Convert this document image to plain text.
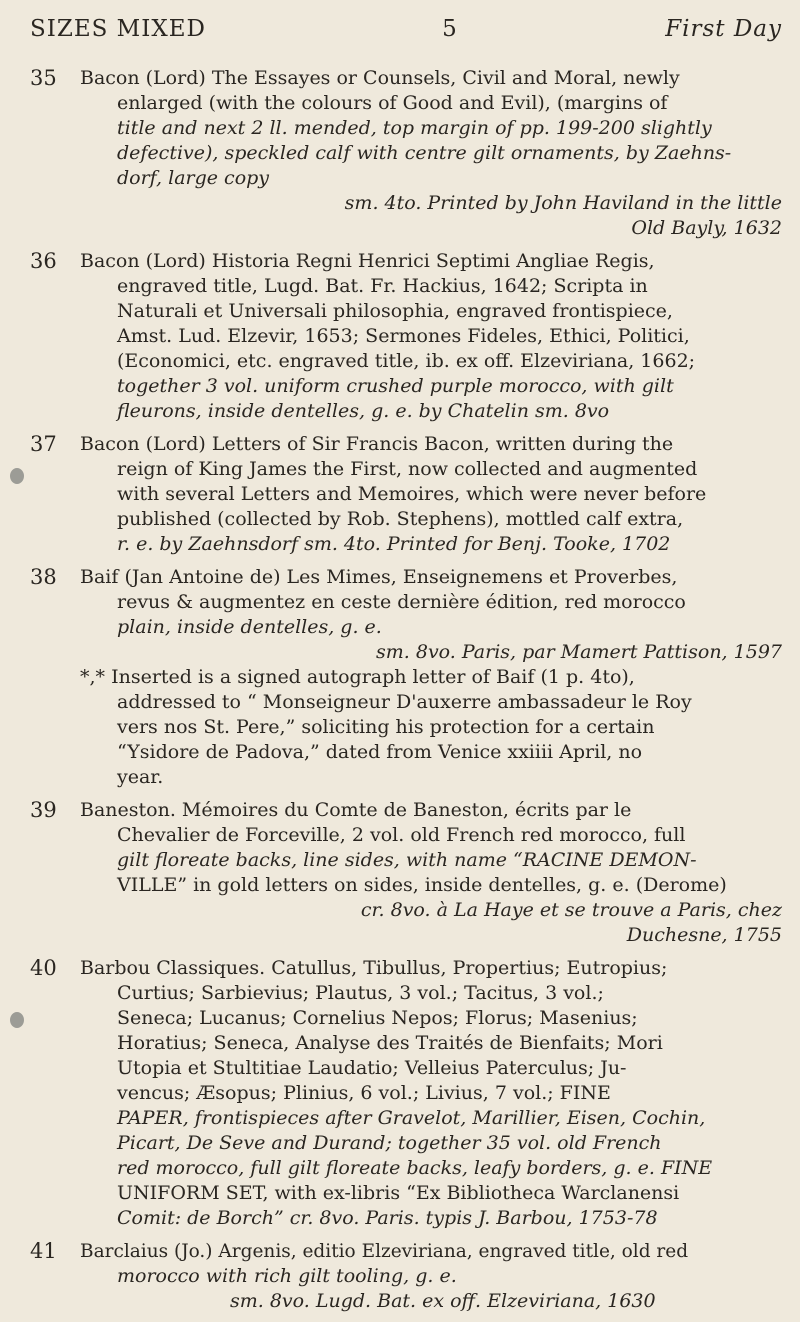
SIZES MIXED	5	First Day
35	Bacon (Lord) The Essayes or Counsels, Civil and Moral, newly
enlarged (with the colours of Good and Evil), (margins of
title and next 2 ll. mended, top margin of pp. 199-200 slightly
defective), speckled calf with centre gilt ornaments, by Zaehns-
dorf, large copy
sm. 4to. Printed by John Haviland in the little
Old Bayly, 1632
36	Bacon (Lord) Historia Regni Henrici Septimi Angliae Regis,
engraved title, Lugd. Bat. Fr. Hackius, 1642; Scripta in
Naturali et Universali philosophia, engraved frontispiece,
Amst. Lud. Elzevir, 1653; Sermones Fideles, Ethici, Politici,
(Economici, etc. engraved title, ib. ex off. Elzeviriana, 1662;
together 3 vol. uniform crushed purple morocco, with gilt
fleurons, inside dentelles, g. e. by Chatelin sm. 8vo
37	Bacon (Lord) Letters of Sir Francis Bacon, written during the
reign of King James the First, now collected and augmented
with several Letters and Memoires, which were never before
published (collected by Rob. Stephens), mottled calf extra,
r. e. by Zaehnsdorf sm. 4to. Printed for Benj. Tooke, 1702
38	Baif (Jan Antoine de) Les Mimes, Enseignemens et Proverbes,
revus & augmentez en ceste dernière édition, red morocco
plain, inside dentelles, g. e.
sm. 8vo. Paris, par Mamert Pattison, 1597
*,* Inserted is a signed autograph letter of Baif (1 p. 4to),
addressed to “ Monseigneur D'auxerre ambassadeur le Roy
vers nos St. Pere,” soliciting his protection for a certain
“Ysidore de Padova,” dated from Venice xxiiii April, no
year.
39	Baneston. Mémoires du Comte de Baneston, écrits par le
Chevalier de Forceville, 2 vol. old French red morocco, full
gilt floreate backs, line sides, with name “RACINE DEMON-
VILLE” in gold letters on sides, inside dentelles, g. e. (Derome)
cr. 8vo. à La Haye et se trouve a Paris, chez
Duchesne, 1755
40	Barbou Classiques. Catullus, Tibullus, Propertius; Eutropius;
Curtius; Sarbievius; Plautus, 3 vol.; Tacitus, 3 vol.;
Seneca; Lucanus; Cornelius Nepos; Florus; Masenius;
Horatius; Seneca, Analyse des Traités de Bienfaits; Mori
Utopia et Stultitiae Laudatio; Velleius Paterculus; Ju-
vencus; Æsopus; Plinius, 6 vol.; Livius, 7 vol.; FINE
PAPER, frontispieces after Gravelot, Marillier, Eisen, Cochin,
Picart, De Seve and Durand; together 35 vol. old French
red morocco, full gilt floreate backs, leafy borders, g. e. FINE
UNIFORM SET, with ex-libris “Ex Bibliotheca Warclanensi
Comit: de Borch” cr. 8vo. Paris. typis J. Barbou, 1753-78
41	Barclaius (Jo.) Argenis, editio Elzeviriana, engraved title, old red
morocco with rich gilt tooling, g. e.
sm. 8vo. Lugd. Bat. ex off. Elzeviriana, 1630
